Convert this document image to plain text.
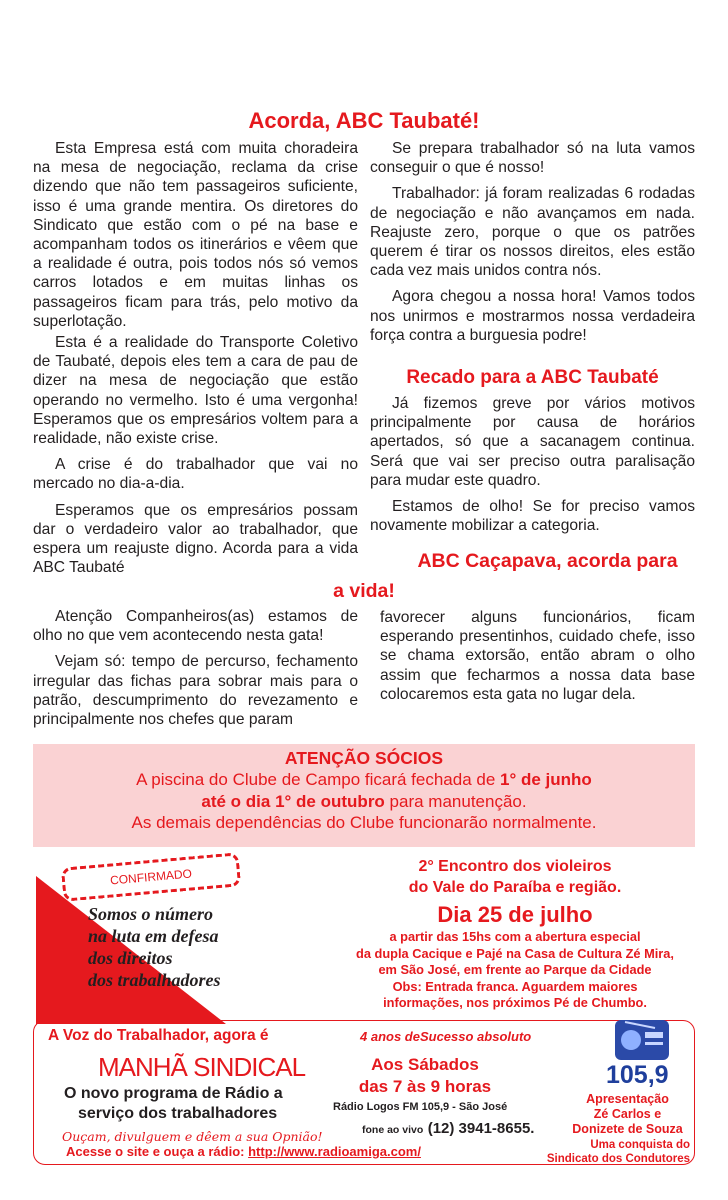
Acorda, ABC Taubaté!

Esta Empresa está com muita choradeira na mesa de negociação, reclama da crise dizendo que não tem passageiros suficiente, isso é uma grande mentira. Os diretores do Sindicato que estão com o pé na base e acompanham todos os itinerários e vêem que a realidade é outra, pois todos nós só vemos carros lotados e em muitas linhas os passageiros ficam para trás, pelo motivo da superlotação.

Esta é a realidade do Transporte Coletivo de Taubaté, depois eles tem a cara de pau de dizer na mesa de negociação que estão operando no vermelho. Isto é uma vergonha! Esperamos que os empresários voltem para a realidade, não existe crise.

A crise é do trabalhador que vai no mercado no dia-a-dia.

Esperamos que os empresários possam dar o verdadeiro valor ao trabalhador, que espera um reajuste digno. Acorda para a vida ABC Taubaté

Se prepara trabalhador só na luta vamos conseguir o que é nosso!

Trabalhador: já foram realizadas 6 rodadas de negociação e não avançamos em nada. Reajuste zero, porque o que os patrões querem é tirar os nossos direitos, eles estão cada vez mais unidos contra nós.

Agora chegou a nossa hora! Vamos todos nos unirmos e mostrarmos nossa verdadeira força contra a burguesia podre!

Recado para a ABC Taubaté

Já fizemos greve por vários motivos principalmente por causa de horários apertados, só que a sacanagem continua. Será que vai ser preciso outra paralisação para mudar este quadro.

Estamos de olho! Se for preciso vamos novamente mobilizar a categoria.

ABC Caçapava, acorda para
a vida!

Atenção Companheiros(as) estamos de olho no que vem acontecendo nesta gata!

Vejam só: tempo de percurso, fechamento irregular das fichas para sobrar mais para o patrão, descumprimento do revezamento e principalmente nos chefes que param

favorecer alguns funcionários, ficam esperando presentinhos, cuidado chefe, isso se chama extorsão, então abram o olho assim que fecharmos a nossa data base colocaremos esta gata no lugar dela.

ATENÇÃO SÓCIOS
A piscina do Clube de Campo ficará fechada de 1° de junho
até o dia 1° de outubro para manutenção.
As demais dependências do Clube funcionarão normalmente.
CONFIRMADO
Somos o número
na luta em defesa
dos direitos
dos trabalhadores
2° Encontro dos violeiros
do Vale do Paraíba e região.
Dia 25 de julho
a partir das 15hs com a abertura especial
da dupla Cacique e Pajé na Casa de Cultura Zé Mira,
em São José, em frente ao Parque da Cidade
Obs: Entrada franca. Aguardem maiores
informações, nos próximos Pé de Chumbo.
A Voz do Trabalhador, agora é	4 anos deSucesso absoluto
MANHÃ SINDICAL
O novo programa de Rádio a
serviço dos trabalhadores
Ouçam, divulguem e dêem a sua Opnião!
Aos Sábados
das 7 às 9 horas
Rádio Logos FM 105,9 - São José
fone ao vivo (12) 3941-8655.
105,9
Apresentação
Zé Carlos e
Donizete de Souza
Uma conquista do
Sindicato dos Condutores
Acesse o site e ouça a rádio: http://www.radioamiga.com/
